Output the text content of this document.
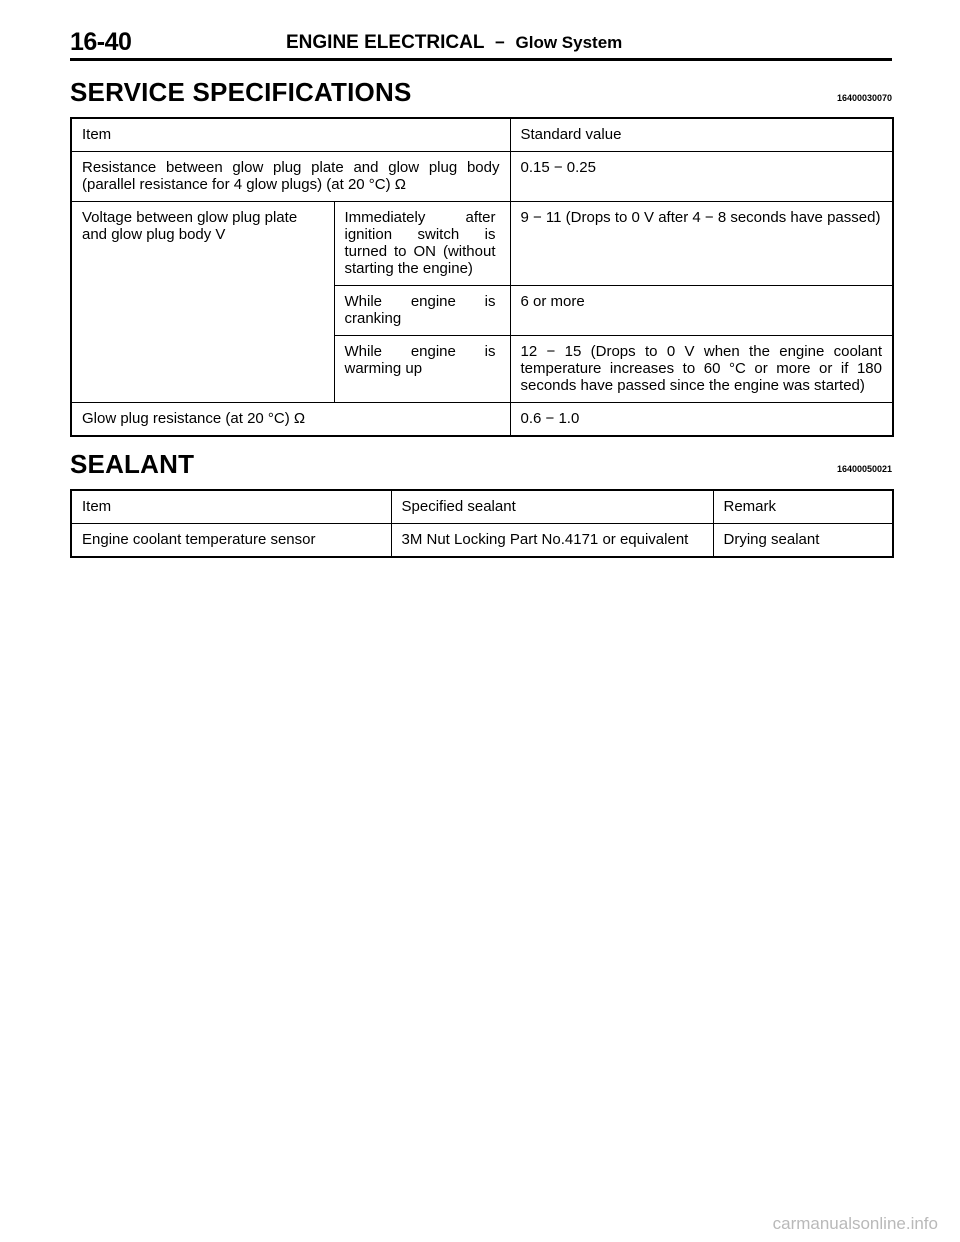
16-40	ENGINE ELECTRICAL − Glow System
SERVICE SPECIFICATIONS	16400030070
Item		Standard value
Resistance between glow plug plate and glow plug body (parallel resistance for 4 glow plugs) (at 20 °C) Ω		0.15 − 0.25
Voltage between glow plug plate and glow plug body V	Immediately after ignition switch is turned to ON (without starting the engine)	9 − 11 (Drops to 0 V after 4 − 8 seconds have passed)
	While engine is cranking	6 or more
	While engine is warming up	12 − 15 (Drops to 0 V when the engine coolant temperature increases to 60 °C or more or if 180 seconds have passed since the engine was started)
Glow plug resistance (at 20 °C) Ω		0.6 − 1.0
SEALANT	16400050021
Item	Specified sealant	Remark
Engine coolant temperature sensor	3M Nut Locking Part No.4171 or equivalent	Drying sealant
carmanualsonline.info
